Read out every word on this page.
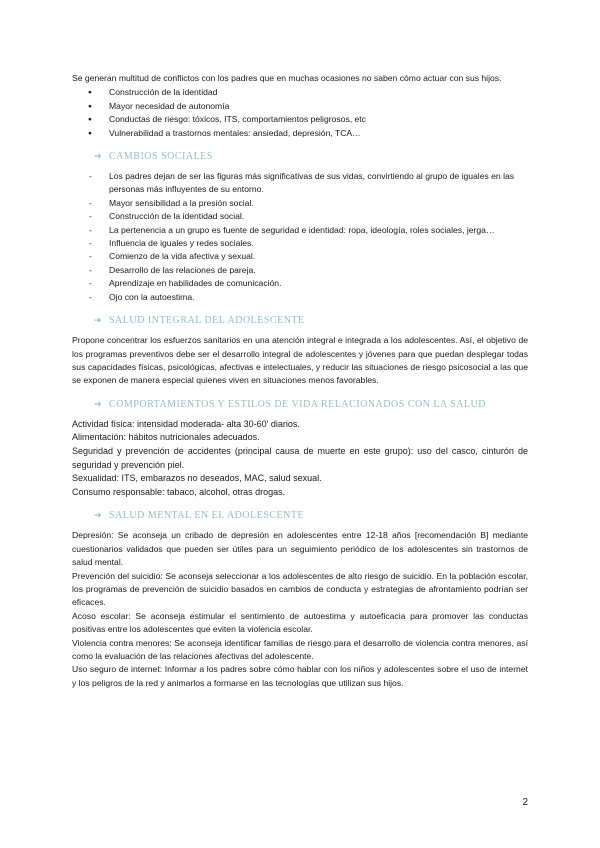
Se generan multitud de conflictos con los padres que en muchas ocasiones no saben cómo actuar con sus hijos.

● Construcción de la identidad
● Mayor necesidad de autonomía
● Conductas de riesgo: tóxicos, ITS, comportamientos peligrosos, etc
● Vulnerabilidad a trastornos mentales: ansiedad, depresión, TCA…
➔ CAMBIOS SOCIALES
- Los padres dejan de ser las figuras más significativas de sus vidas, convirtiendo al grupo de iguales en las personas más influyentes de su entorno.
- Mayor sensibilidad a la presión social.
- Construcción de la identidad social.
- La pertenencia a un grupo es fuente de seguridad e identidad: ropa, ideología, roles sociales, jerga…
- Influencia de iguales y redes sociales.
- Comienzo de la vida afectiva y sexual.
- Desarrollo de las relaciones de pareja.
- Aprendizaje en habilidades de comunicación.
- Ojo con la autoestima.
➔ SALUD INTEGRAL DEL ADOLESCENTE

Propone concentrar los esfuerzos sanitarios en una atención integral e integrada a los adolescentes. Así, el objetivo de los programas preventivos debe ser el desarrollo integral de adolescentes y jóvenes para que puedan desplegar todas sus capacidades físicas, psicológicas, afectivas e intelectuales, y reducir las situaciones de riesgo psicosocial a las que se exponen de manera especial quienes viven en situaciones menos favorables.

➔ COMPORTAMIENTOS Y ESTILOS DE VIDA RELACIONADOS CON LA SALUD

Actividad física: intensidad moderada- alta 30-60' diarios.

Alimentación: hábitos nutricionales adecuados.

Seguridad y prevención de accidentes (principal causa de muerte en este grupo): uso del casco, cinturón de seguridad y prevención piel.

Sexualidad: ITS, embarazos no deseados, MAC, salud sexual.

Consumo responsable: tabaco, alcohol, otras drogas.

➔ SALUD MENTAL EN EL ADOLESCENTE

Depresión: Se aconseja un cribado de depresión en adolescentes entre 12-18 años [recomendación B] mediante cuestionarios validados que pueden ser útiles para un seguimiento periódico de los adolescentes sin trastornos de salud mental.

Prevención del suicidio: Se aconseja seleccionar a los adolescentes de alto riesgo de suicidio. En la población escolar, los programas de prevención de suicidio basados en cambios de conducta y estrategias de afrontamiento podrían ser eficaces.

Acoso escolar: Se aconseja estimular el sentimiento de autoestima y autoeficacia para promover las conductas positivas entre los adolescentes que eviten la violencia escolar.

Violencia contra menores: Se aconseja identificar familias de riesgo para el desarrollo de violencia contra menores, así como la evaluación de las relaciones afectivas del adolescente.

Uso seguro de internet: Informar a los padres sobre cómo hablar con los niños y adolescentes sobre el uso de internet y los peligros de la red y animarlos a formarse en las tecnologías que utilizan sus hijos.

2
